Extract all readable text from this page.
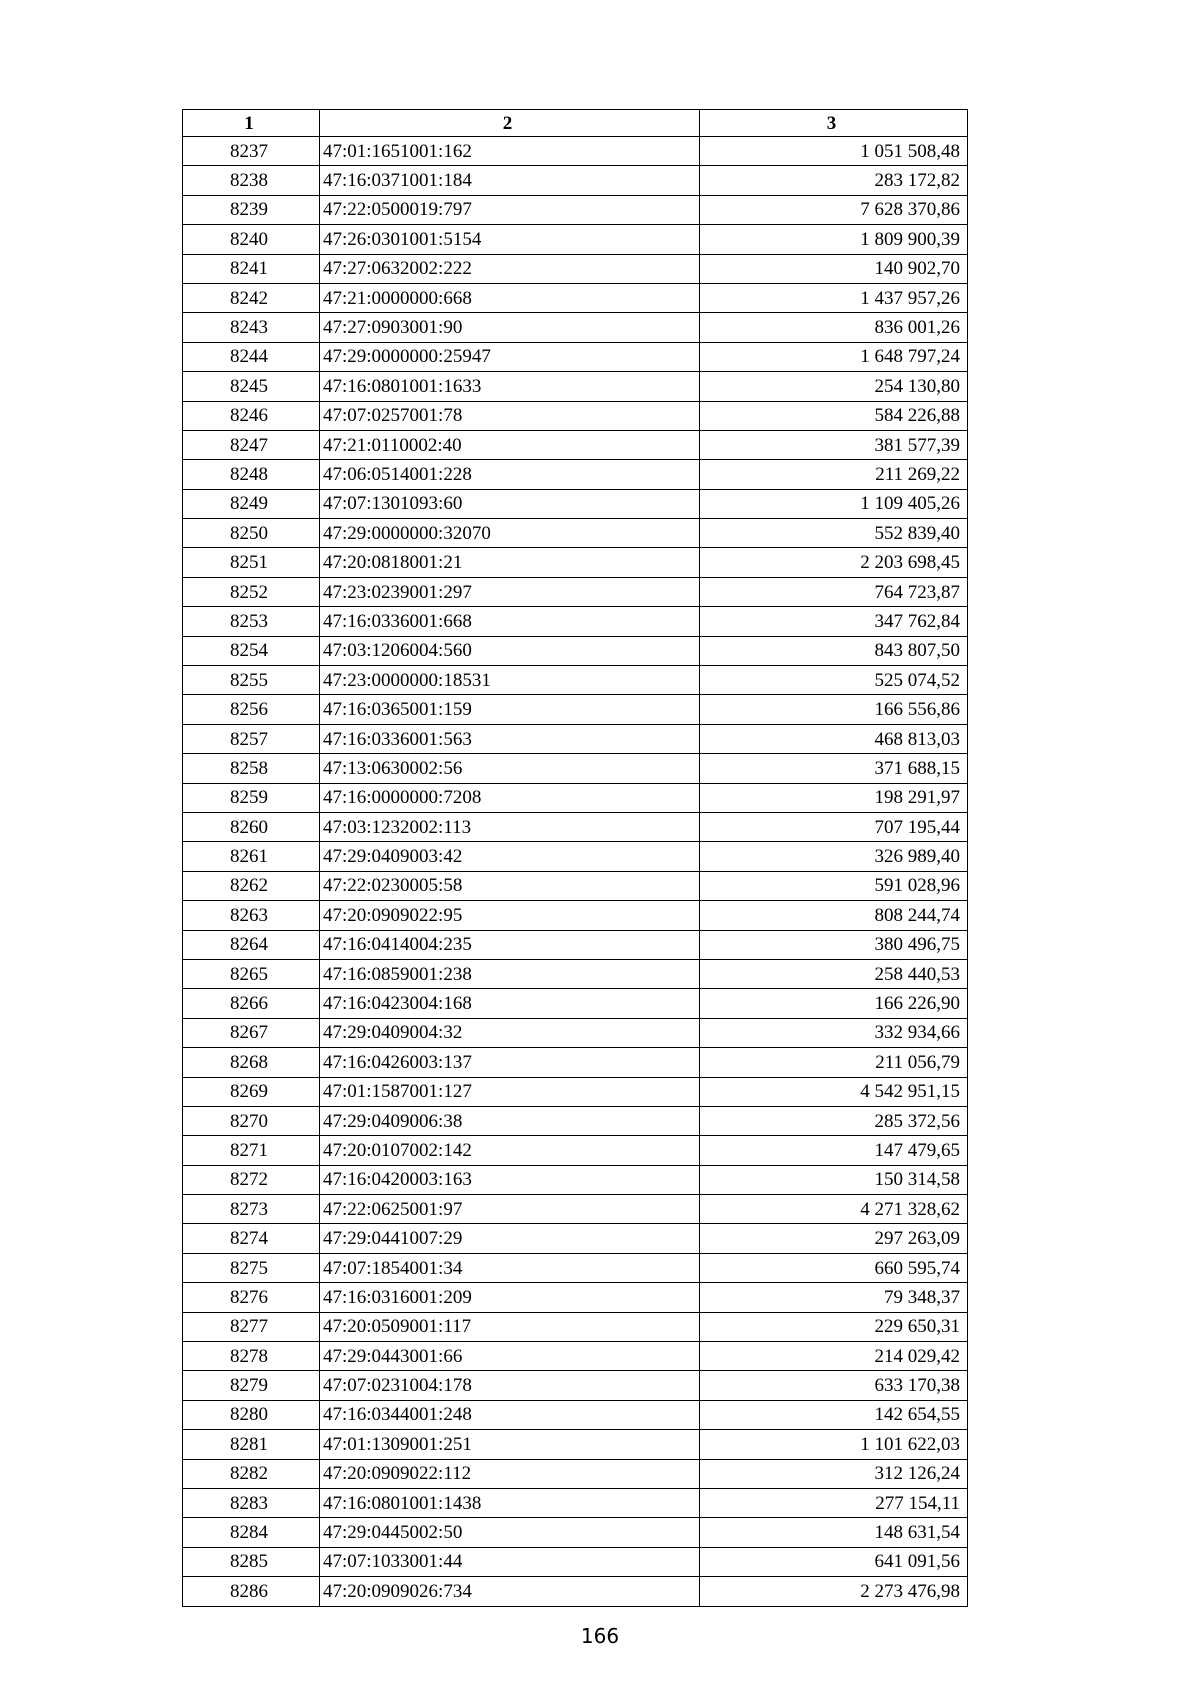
1	2	3
8237	47:01:1651001:162	1 051 508,48
8238	47:16:0371001:184	283 172,82
8239	47:22:0500019:797	7 628 370,86
8240	47:26:0301001:5154	1 809 900,39
8241	47:27:0632002:222	140 902,70
8242	47:21:0000000:668	1 437 957,26
8243	47:27:0903001:90	836 001,26
8244	47:29:0000000:25947	1 648 797,24
8245	47:16:0801001:1633	254 130,80
8246	47:07:0257001:78	584 226,88
8247	47:21:0110002:40	381 577,39
8248	47:06:0514001:228	211 269,22
8249	47:07:1301093:60	1 109 405,26
8250	47:29:0000000:32070	552 839,40
8251	47:20:0818001:21	2 203 698,45
8252	47:23:0239001:297	764 723,87
8253	47:16:0336001:668	347 762,84
8254	47:03:1206004:560	843 807,50
8255	47:23:0000000:18531	525 074,52
8256	47:16:0365001:159	166 556,86
8257	47:16:0336001:563	468 813,03
8258	47:13:0630002:56	371 688,15
8259	47:16:0000000:7208	198 291,97
8260	47:03:1232002:113	707 195,44
8261	47:29:0409003:42	326 989,40
8262	47:22:0230005:58	591 028,96
8263	47:20:0909022:95	808 244,74
8264	47:16:0414004:235	380 496,75
8265	47:16:0859001:238	258 440,53
8266	47:16:0423004:168	166 226,90
8267	47:29:0409004:32	332 934,66
8268	47:16:0426003:137	211 056,79
8269	47:01:1587001:127	4 542 951,15
8270	47:29:0409006:38	285 372,56
8271	47:20:0107002:142	147 479,65
8272	47:16:0420003:163	150 314,58
8273	47:22:0625001:97	4 271 328,62
8274	47:29:0441007:29	297 263,09
8275	47:07:1854001:34	660 595,74
8276	47:16:0316001:209	79 348,37
8277	47:20:0509001:117	229 650,31
8278	47:29:0443001:66	214 029,42
8279	47:07:0231004:178	633 170,38
8280	47:16:0344001:248	142 654,55
8281	47:01:1309001:251	1 101 622,03
8282	47:20:0909022:112	312 126,24
8283	47:16:0801001:1438	277 154,11
8284	47:29:0445002:50	148 631,54
8285	47:07:1033001:44	641 091,56
8286	47:20:0909026:734	2 273 476,98
166
